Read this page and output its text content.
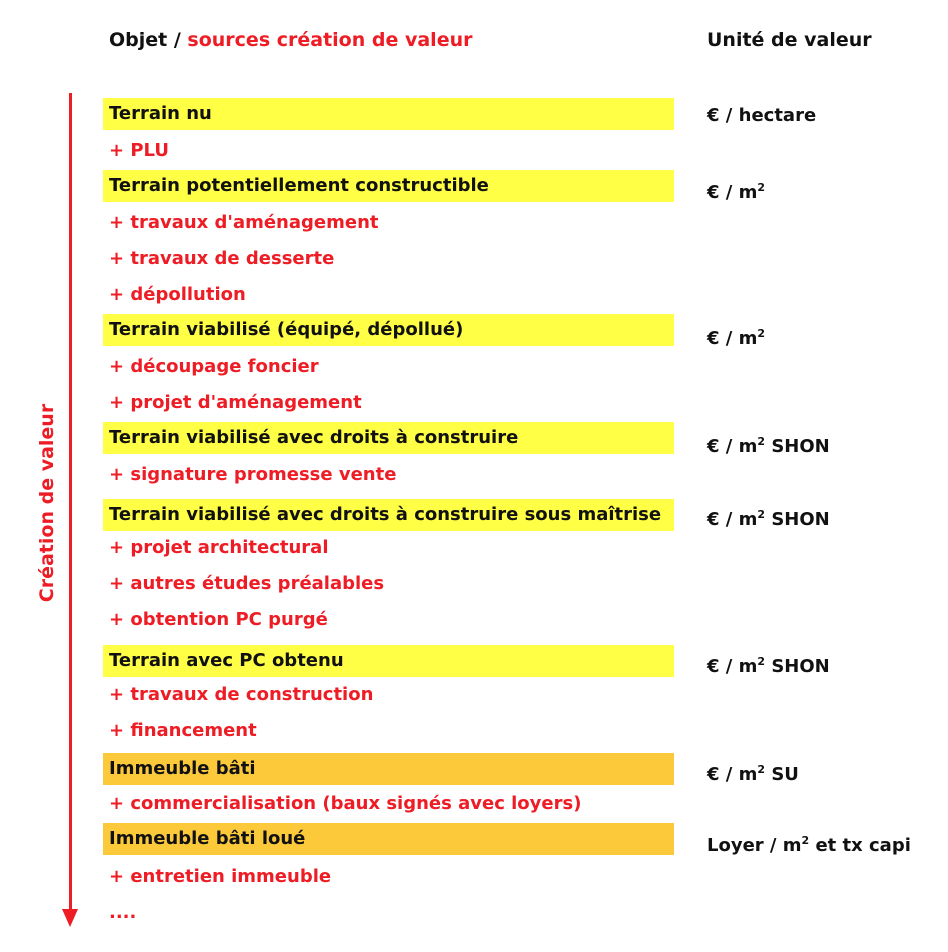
Objet / sources création de valeur	Unité de valeur
Création de valeur
Terrain nu
+ PLU
Terrain potentiellement constructible
+ travaux d'aménagement
+ travaux de desserte
+ dépollution
Terrain viabilisé (équipé, dépollué)
+ découpage foncier
+ projet d'aménagement
Terrain viabilisé avec droits à construire
+ signature promesse vente
Terrain viabilisé avec droits à construire sous maîtrise
+ projet architectural
+ autres études préalables
+ obtention PC purgé
Terrain avec PC obtenu
+ travaux de construction
+ financement
Immeuble bâti
+ commercialisation (baux signés avec loyers)
Immeuble bâti loué
+ entretien immeuble
....
€ / hectare
€ / $m^2$
€ / $m^2$
€ / $m^2$ SHON
€ / $m^2$ SHON
€ / $m^2$ SHON
€ / $m^2$ SU
Loyer / $m^2$ et tx capi
